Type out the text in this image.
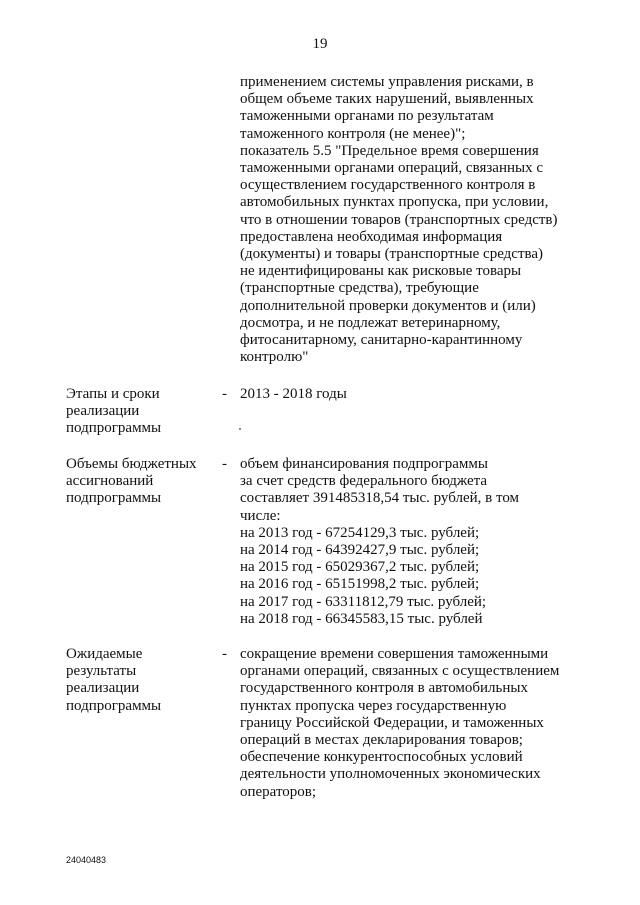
19
применением системы управления рисками, в
общем объеме таких нарушений, выявленных
таможенными органами по результатам
таможенного контроля (не менее)";
показатель 5.5 "Предельное время совершения
таможенными органами операций, связанных с
осуществлением государственного контроля в
автомобильных пунктах пропуска, при условии,
что в отношении товаров (транспортных средств)
предоставлена необходимая информация
(документы) и товары (транспортные средства)
не идентифицированы как рисковые товары
(транспортные средства), требующие
дополнительной проверки документов и (или)
досмотра, и не подлежат ветеринарному,
фитосанитарному, санитарно-карантинному
контролю"
Этапы и сроки
реализации
подпрограммы
- 2013 - 2018 годы
Объемы бюджетных
ассигнований
подпрограммы
- объем финансирования подпрограммы
за счет средств федерального бюджета
составляет 391485318,54 тыс. рублей, в том
числе:
на 2013 год - 67254129,3 тыс. рублей;
на 2014 год - 64392427,9 тыс. рублей;
на 2015 год - 65029367,2 тыс. рублей;
на 2016 год - 65151998,2 тыс. рублей;
на 2017 год - 63311812,79 тыс. рублей;
на 2018 год - 66345583,15 тыс. рублей
Ожидаемые
результаты
реализации
подпрограммы
- сокращение времени совершения таможенными
органами операций, связанных с осуществлением
государственного контроля в автомобильных
пунктах пропуска через государственную
границу Российской Федерации, и таможенных
операций в местах декларирования товаров;
обеспечение конкурентоспособных условий
деятельности уполномоченных экономических
операторов;
24040483
